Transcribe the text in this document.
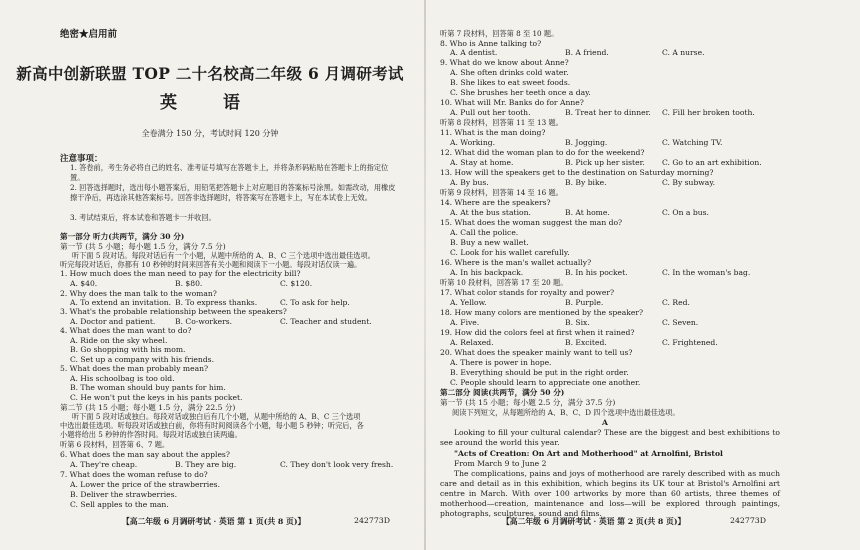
绝密★启用前
新高中创新联盟 TOP 二十名校高二年级 6 月调研考试
英 语
全卷满分 150 分，考试时间 120 分钟
注意事项：
1. 答卷前，考生务必将自己的姓名、准考证号填写在答题卡上，并将条形码粘贴在答题卡上的指定位置。
2. 回答选择题时，选出每小题答案后，用铅笔把答题卡上对应题目的答案标号涂黑。如需改动，用橡皮擦干净后，再选涂其他答案标号。回答非选择题时，将答案写在答题卡上，写在本试卷上无效。
3. 考试结束后，将本试卷和答题卡一并收回。
第一部分 听力(共两节，满分 30 分)
第一节 (共 5 小题；每小题 1.5 分，满分 7.5 分)
听下面 5 段对话。每段对话后有一个小题，从题中所给的 A、B、C 三个选项中选出最佳选项。
听完每段对话后，你都有 10 秒钟的时间来回答有关小题和阅读下一小题。每段对话仅读一遍。
1. How much does the man need to pay for the electricity bill?
A. $40.	B. $80.	C. $120.
2. Why does the man talk to the woman?
A. To extend an invitation. B. To express thanks.	C. To ask for help.
3. What's the probable relationship between the speakers?
A. Doctor and patient.	B. Co-workers.	C. Teacher and student.
4. What does the man want to do?
A. Ride on the sky wheel.
B. Go shopping with his mom.
C. Set up a company with his friends.
5. What does the man probably mean?
A. His schoolbag is too old.
B. The woman should buy pants for him.
C. He won't put the keys in his pants pocket.
第二节 (共 15 小题；每小题 1.5 分，满分 22.5 分)
听下面 5 段对话或独白。每段对话或独白后有几个小题，从题中所给的 A、B、C 三个选项
中选出最佳选项。听每段对话或独白前，你将有时间阅读各个小题，每小题 5 秒钟；听完后，各
小题将给出 5 秒钟的作答时间。每段对话或独白读两遍。
听第 6 段材料，回答第 6、7 题。
6. What does the man say about the apples?
A. They're cheap.	B. They are big.	C. They don't look very fresh.
7. What does the woman refuse to do?
A. Lower the price of the strawberries.
B. Deliver the strawberries.
C. Sell apples to the man.
【高二年级 6 月调研考试 · 英语 第 1 页(共 8 页)】	242773D
听第 7 段材料，回答第 8 至 10 题。
8. Who is Anne talking to?
A. A dentist.	B. A friend.	C. A nurse.
9. What do we know about Anne?
A. She often drinks cold water.
B. She likes to eat sweet foods.
C. She brushes her teeth once a day.
10. What will Mr. Banks do for Anne?
A. Pull out her tooth.	B. Treat her to dinner. C. Fill her broken tooth.
听第 8 段材料，回答第 11 至 13 题。
11. What is the man doing?
A. Working.	B. Jogging.	C. Watching TV.
12. What did the woman plan to do for the weekend?
A. Stay at home.	B. Pick up her sister. C. Go to an art exhibition.
13. How will the speakers get to the destination on Saturday morning?
A. By bus.	B. By bike.	C. By subway.
听第 9 段材料，回答第 14 至 16 题。
14. Where are the speakers?
A. At the bus station.	B. At home.	C. On a bus.
15. What does the woman suggest the man do?
A. Call the police.
B. Buy a new wallet.
C. Look for his wallet carefully.
16. Where is the man's wallet actually?
A. In his backpack.	B. In his pocket.	C. In the woman's bag.
听第 10 段材料，回答第 17 至 20 题。
17. What color stands for royalty and power?
A. Yellow.	B. Purple.	C. Red.
18. How many colors are mentioned by the speaker?
A. Five.	B. Six.	C. Seven.
19. How did the colors feel at first when it rained?
A. Relaxed.	B. Excited.	C. Frightened.
20. What does the speaker mainly want to tell us?
A. There is power in hope.
B. Everything should be put in the right order.
C. People should learn to appreciate one another.
第二部分 阅读(共两节，满分 50 分)
第一节 (共 15 小题；每小题 2.5 分，满分 37.5 分)
阅读下列短文，从每题所给的 A、B、C、D 四个选项中选出最佳选项。
A
Looking to fill your cultural calendar? These are the biggest and best exhibitions to see around the world this year.
"Acts of Creation: On Art and Motherhood" at Arnolfini, Bristol
From March 9 to June 2
The complications, pains and joys of motherhood are rarely described with as much care and detail as in this exhibition, which begins its UK tour at Bristol's Arnolfini art centre in March. With over 100 artworks by more than 60 artists, three themes of motherhood—creation, maintenance and loss—will be explored through paintings, photographs, sculptures, sound and films.
【高二年级 6 月调研考试 · 英语 第 2 页(共 8 页)】	242773D
